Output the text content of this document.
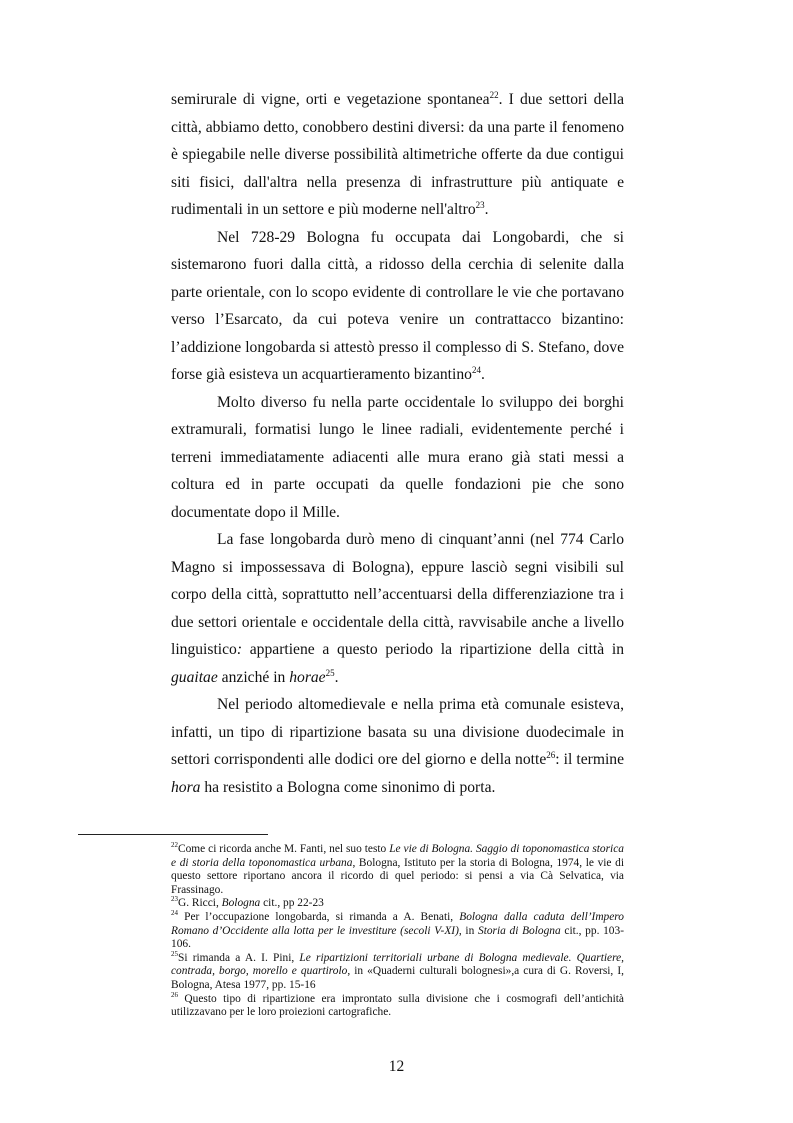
semirurale di vigne, orti e vegetazione spontanea$^{22}$. I due settori della città, abbiamo detto, conobbero destini diversi: da una parte il fenomeno è spiegabile nelle diverse possibilità altimetriche offerte da due contigui siti fisici, dall'altra nella presenza di infrastrutture più antiquate e rudimentali in un settore e più moderne nell'altro$^{23}$.

Nel 728-29 Bologna fu occupata dai Longobardi, che si sistemarono fuori dalla città, a ridosso della cerchia di selenite dalla parte orientale, con lo scopo evidente di controllare le vie che portavano verso l’Esarcato, da cui poteva venire un contrattacco bizantino: l’addizione longobarda si attestò presso il complesso di S. Stefano, dove forse già esisteva un acquartieramento bizantino$^{24}$.

Molto diverso fu nella parte occidentale lo sviluppo dei borghi extramurali, formatisi lungo le linee radiali, evidentemente perché i terreni immediatamente adiacenti alle mura erano già stati messi a coltura ed in parte occupati da quelle fondazioni pie che sono documentate dopo il Mille.

La fase longobarda durò meno di cinquant’anni (nel 774 Carlo Magno si impossessava di Bologna), eppure lasciò segni visibili sul corpo della città, soprattutto nell’accentuarsi della differenziazione tra i due settori orientale e occidentale della città, ravvisabile anche a livello linguistico: appartiene a questo periodo la ripartizione della città in guaitae anziché in horae$^{25}$.

Nel periodo altomedievale e nella prima età comunale esisteva, infatti, un tipo di ripartizione basata su una divisione duodecimale in settori corrispondenti alle dodici ore del giorno e della notte$^{26}$: il termine hora ha resistito a Bologna come sinonimo di porta.

$^{22}$Come ci ricorda anche M. Fanti, nel suo testo Le vie di Bologna. Saggio di toponomastica storica e di storia della toponomastica urbana, Bologna, Istituto per la storia di Bologna, 1974, le vie di questo settore riportano ancora il ricordo di quel periodo: si pensi a via Cà Selvatica, via Frassinago.

$^{23}$G. Ricci, Bologna cit., pp 22-23

$^{24}$ Per l’occupazione longobarda, si rimanda a A. Benati, Bologna dalla caduta dell’Impero Romano d’Occidente alla lotta per le investiture (secoli V-XI), in Storia di Bologna cit., pp. 103-106.

$^{25}$Si rimanda a A. I. Pini, Le ripartizioni territoriali urbane di Bologna medievale. Quartiere, contrada, borgo, morello e quartirolo, in «Quaderni culturali bolognesi»,a cura di G. Roversi, I, Bologna, Atesa 1977, pp. 15-16

$^{26}$ Questo tipo di ripartizione era improntato sulla divisione che i cosmografi dell’antichità utilizzavano per le loro proiezioni cartografiche.

12
